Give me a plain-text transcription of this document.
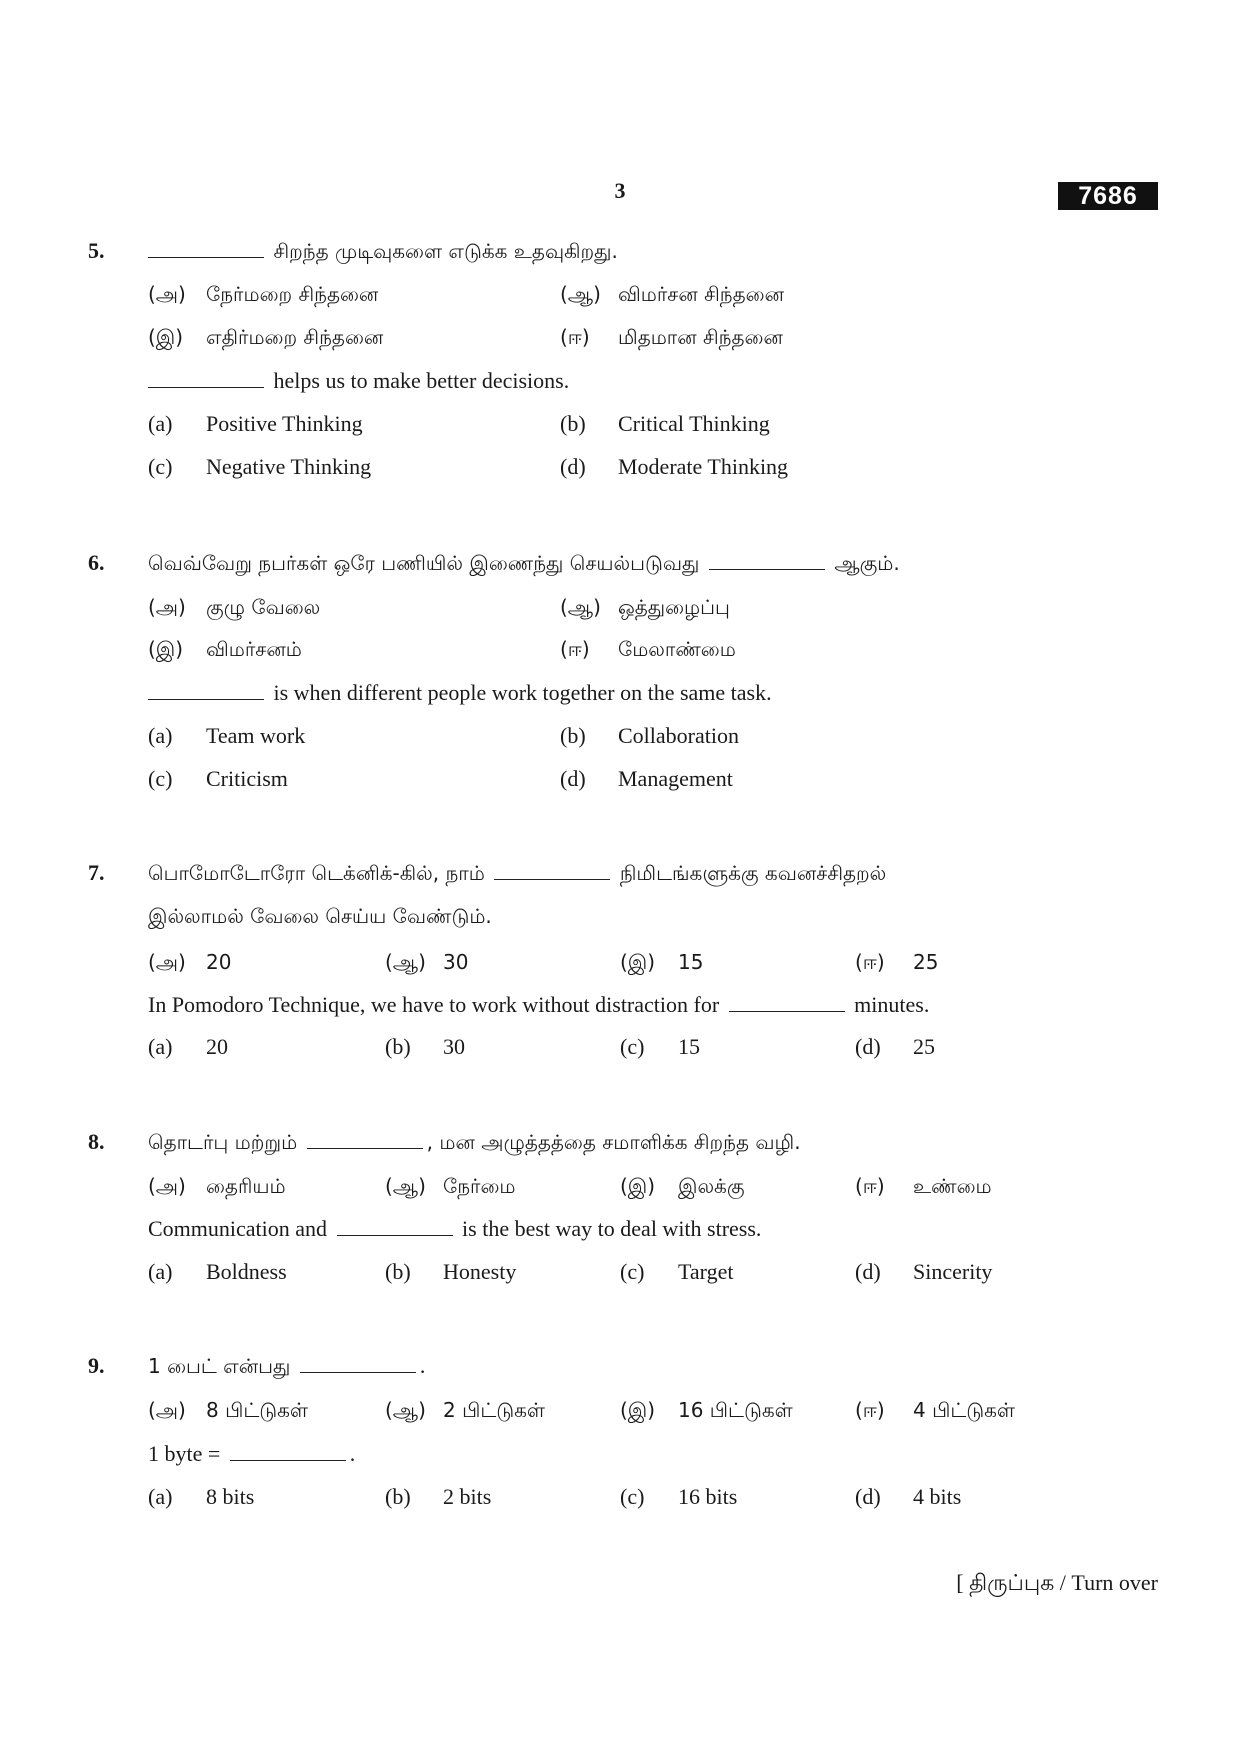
3	7686
5.	சிறந்த முடிவுகளை எடுக்க உதவுகிறது.
(அ) நேர்மறை சிந்தனை	(ஆ) விமர்சன சிந்தனை
(இ) எதிர்மறை சிந்தனை	(ஈ) மிதமான சிந்தனை
helps us to make better decisions.
(a) Positive Thinking	(b) Critical Thinking
(c) Negative Thinking	(d) Moderate Thinking
6. வெவ்வேறு நபர்கள் ஒரே பணியில் இணைந்து செயல்படுவது	ஆகும்.
(அ) குழு வேலை	(ஆ) ஒத்துழைப்பு
(இ) விமர்சனம்	(ஈ) மேலாண்மை
is when different people work together on the same task.
(a) Team work	(b) Collaboration
(c) Criticism	(d) Management
7. பொமோடோரோ டெக்னிக்-கில், நாம்	நிமிடங்களுக்கு கவனச்சிதறல்
இல்லாமல் வேலை செய்ய வேண்டும்.
(அ) 20	(ஆ) 30	(இ) 15	(ஈ) 25
In Pomodoro Technique, we have to work without distraction for	minutes.
(a) 20	(b) 30	(c) 15	(d) 25
8. தொடர்பு மற்றும்	, மன அழுத்தத்தை சமாளிக்க சிறந்த வழி.
(அ) தைரியம்	(ஆ) நேர்மை	(இ) இலக்கு	(ஈ) உண்மை
Communication and	is the best way to deal with stress.
(a) Boldness	(b) Honesty	(c) Target	(d) Sincerity
9. 1 பைட் என்பது	.
(அ) 8 பிட்டுகள்	(ஆ) 2 பிட்டுகள்	(இ) 16 பிட்டுகள்	(ஈ) 4 பிட்டுகள்
1 byte =	.
(a) 8 bits	(b) 2 bits	(c) 16 bits	(d) 4 bits
[ திருப்புக / Turn over
